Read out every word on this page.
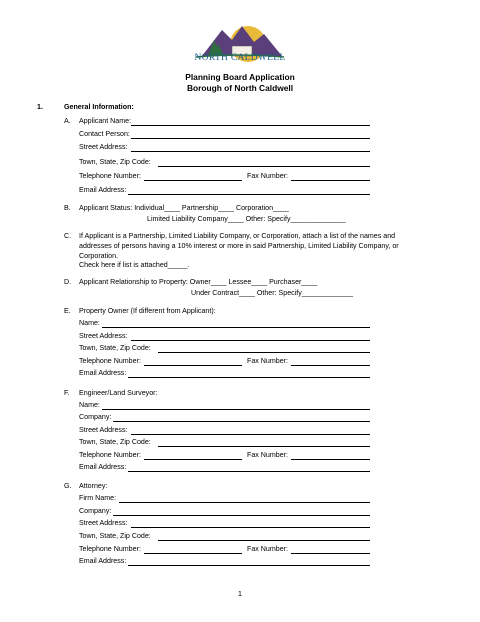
NORTH CALDWELL
Planning Board Application
Borough of North Caldwell
1.	General Information:
A. Applicant Name:
Contact Person:
Street Address:
Town, State, Zip Code:
Telephone Number:	Fax Number:
Email Address:
B. Applicant Status: Individual____ Partnership____ Corporation____
Limited Liability Company____ Other: Specify______________
C. If Applicant is a Partnership, Limited Liability Company, or Corporation, attach a list of the names and
addresses of persons having a 10% interest or more in said Partnership, Limited Liability Company, or
Corporation.
Check here if list is attached_____.
D. Applicant Relationship to Property: Owner____ Lessee____ Purchaser____
Under Contract____ Other: Specify_____________
E. Property Owner (If different from Applicant):
Name:
Street Address:
Town, State, Zip Code:
Telephone Number:	Fax Number:
Email Address:
F. Engineer/Land Surveyor:
Name:
Company:
Street Address:
Town, State, Zip Code:
Telephone Number:	Fax Number:
Email Address:
G. Attorney:
Firm Name:
Company:
Street Address:
Town, State, Zip Code:
Telephone Number:	Fax Number:
Email Address:
1
